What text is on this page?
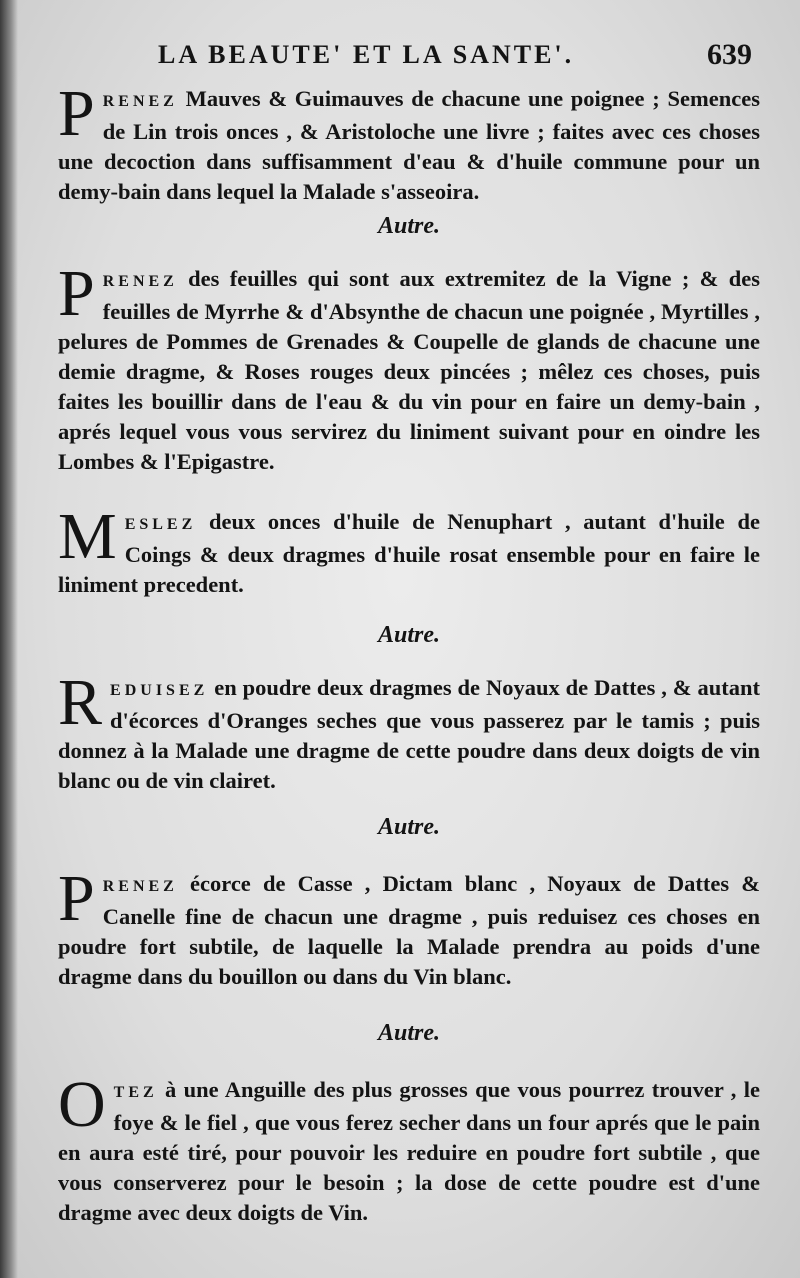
LA BEAUTE' ET LA SANTE'.	639

PRENEZ Mauves & Guimauves de chacune une poignee ; Semences de Lin trois onces , & Aristoloche une livre ; faites avec ces choses une decoction dans suffisamment d'eau & d'huile commune pour un demy-bain dans lequel la Malade s'asseoira.

Autre.

PRENEZ des feuilles qui sont aux extremitez de la Vigne ; & des feuilles de Myrrhe & d'Absynthe de chacun une poignée , Myrtilles , pelures de Pommes de Grenades & Coupelle de glands de chacune une demie dragme, & Roses rouges deux pincées ; mêlez ces choses, puis faites les bouillir dans de l'eau & du vin pour en faire un demy-bain , aprés lequel vous vous servirez du liniment suivant pour en oindre les Lombes & l'Epigastre.

MESLEZ deux onces d'huile de Nenuphart , autant d'huile de Coings & deux dragmes d'huile rosat ensemble pour en faire le liniment precedent.

Autre.

REDUISEZ en poudre deux dragmes de Noyaux de Dattes , & autant d'écorces d'Oranges seches que vous passerez par le tamis ; puis donnez à la Malade une dragme de cette poudre dans deux doigts de vin blanc ou de vin clairet.

Autre.

PRENEZ écorce de Casse , Dictam blanc , Noyaux de Dattes & Canelle fine de chacun une dragme , puis reduisez ces choses en poudre fort subtile, de laquelle la Malade prendra au poids d'une dragme dans du bouillon ou dans du Vin blanc.

Autre.

OTEZ à une Anguille des plus grosses que vous pourrez trouver , le foye & le fiel , que vous ferez secher dans un four aprés que le pain en aura esté tiré, pour pouvoir les reduire en poudre fort subtile , que vous conserverez pour le besoin ; la dose de cette poudre est d'une dragme avec deux doigts de Vin.
